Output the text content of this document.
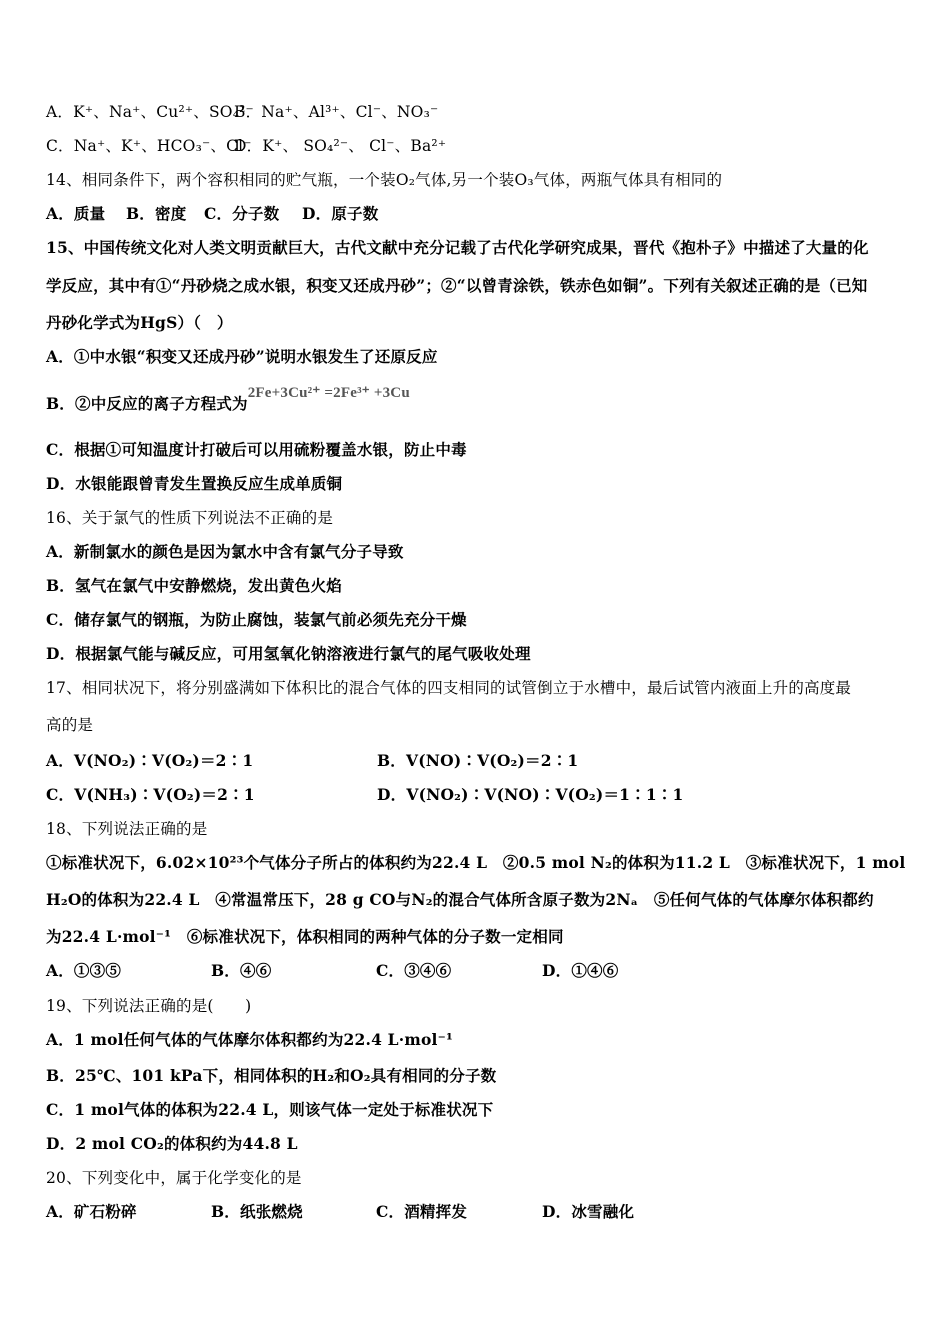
A．K⁺、Na⁺、Cu²⁺、SO₄²⁻B．Na⁺、Al³⁺、Cl⁻、NO₃⁻
C．Na⁺、K⁺、HCO₃⁻、Cl⁻D．K⁺、 SO₄²⁻、 Cl⁻、Ba²⁺
14、相同条件下，两个容积相同的贮气瓶，一个装O₂气体,另一个装O₃气体，两瓶气体具有相同的
A．质量 B．密度 C．分子数 D．原子数
15、中国传统文化对人类文明贡献巨大，古代文献中充分记载了古代化学研究成果，晋代《抱朴子》中描述了大量的化
学反应，其中有①“丹砂烧之成水银，积变又还成丹砂”；②“以曾青涂铁，铁赤色如铜”。下列有关叙述正确的是（已知
丹砂化学式为HgS）（　）
A．①中水银“积变又还成丹砂”说明水银发生了还原反应
B．②中反应的离子方程式为2Fe+3Cu²⁺ =2Fe³⁺ +3Cu
C．根据①可知温度计打破后可以用硫粉覆盖水银，防止中毒
D．水银能跟曾青发生置换反应生成单质铜
16、关于氯气的性质下列说法不正确的是
A．新制氯水的颜色是因为氯水中含有氯气分子导致
B．氢气在氯气中安静燃烧，发出黄色火焰
C．储存氯气的钢瓶，为防止腐蚀，装氯气前必须先充分干燥
D．根据氯气能与碱反应，可用氢氧化钠溶液进行氯气的尾气吸收处理
17、相同状况下，将分别盛满如下体积比的混合气体的四支相同的试管倒立于水槽中，最后试管内液面上升的高度最
高的是
A．V(NO₂)∶V(O₂)＝2∶1	B．V(NO)∶V(O₂)＝2∶1
C．V(NH₃)∶V(O₂)＝2∶1	D．V(NO₂)∶V(NO)∶V(O₂)＝1∶1∶1
18、下列说法正确的是
①标准状况下，6.02×10²³个气体分子所占的体积约为22.4 L　②0.5 mol N₂的体积为11.2 L　③标准状况下，1 mol
H₂O的体积为22.4 L　④常温常压下，28 g CO与N₂的混合气体所含原子数为2Nₐ　⑤任何气体的气体摩尔体积都约
为22.4 L·mol⁻¹　⑥标准状况下，体积相同的两种气体的分子数一定相同
A．①③⑤	B．④⑥	C．③④⑥	D．①④⑥
19、下列说法正确的是(　　)
A．1 mol任何气体的气体摩尔体积都约为22.4 L·mol⁻¹
B．25℃、101 kPa下，相同体积的H₂和O₂具有相同的分子数
C．1 mol气体的体积为22.4 L，则该气体一定处于标准状况下
D．2 mol CO₂的体积约为44.8 L
20、下列变化中，属于化学变化的是
A．矿石粉碎	B．纸张燃烧	C．酒精挥发	D．冰雪融化
